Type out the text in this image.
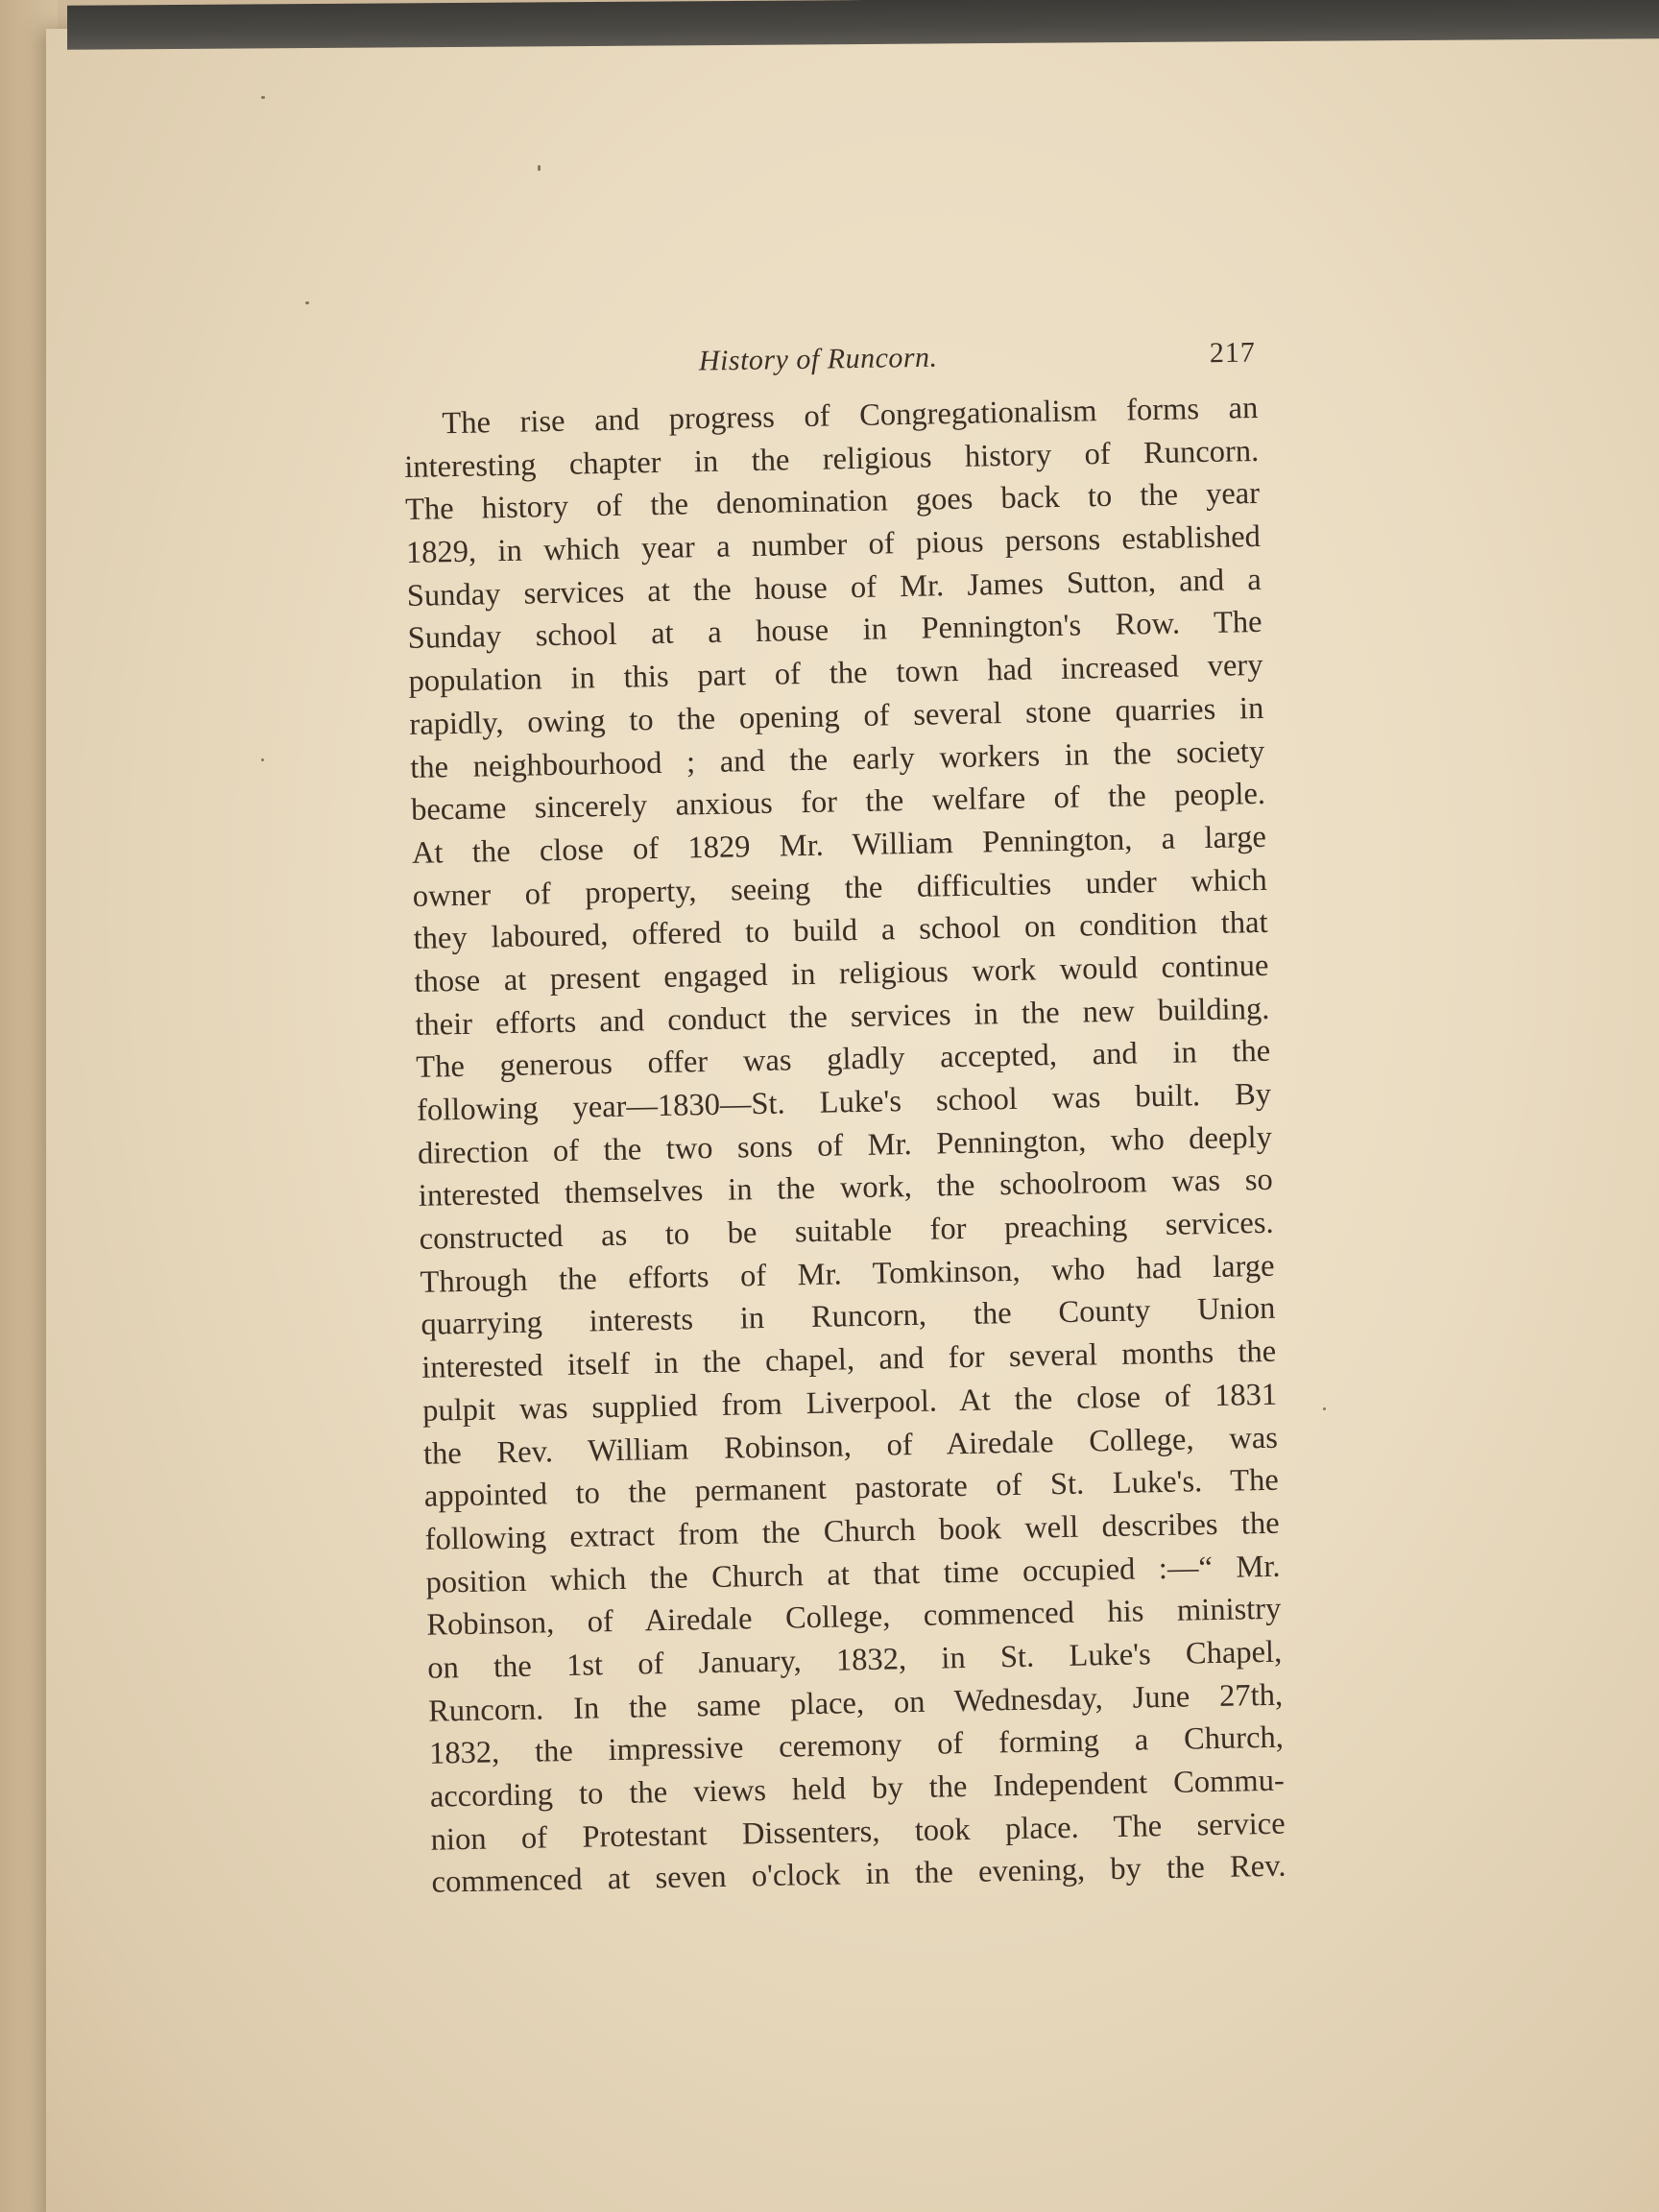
History of Runcorn.	217
The rise and progress of Congregationalism forms an
interesting chapter in the religious history of Runcorn.
The history of the denomination goes back to the year
1829, in which year a number of pious persons established
Sunday services at the house of Mr. James Sutton, and a
Sunday school at a house in Pennington's Row. The
population in this part of the town had increased very
rapidly, owing to the opening of several stone quarries in
the neighbourhood ; and the early workers in the society
became sincerely anxious for the welfare of the people.
At the close of 1829 Mr. William Pennington, a large
owner of property, seeing the difficulties under which
they laboured, offered to build a school on condition that
those at present engaged in religious work would continue
their efforts and conduct the services in the new building.
The generous offer was gladly accepted, and in the
following year—1830—St. Luke's school was built. By
direction of the two sons of Mr. Pennington, who deeply
interested themselves in the work, the schoolroom was so
constructed as to be suitable for preaching services.
Through the efforts of Mr. Tomkinson, who had large
quarrying interests in Runcorn, the County Union
interested itself in the chapel, and for several months the
pulpit was supplied from Liverpool. At the close of 1831
the Rev. William Robinson, of Airedale College, was
appointed to the permanent pastorate of St. Luke's. The
following extract from the Church book well describes the
position which the Church at that time occupied :—“ Mr.
Robinson, of Airedale College, commenced his ministry
on the 1st of January, 1832, in St. Luke's Chapel,
Runcorn. In the same place, on Wednesday, June 27th,
1832, the impressive ceremony of forming a Church,
according to the views held by the Independent Commu-
nion of Protestant Dissenters, took place. The service
commenced at seven o'clock in the evening, by the Rev.
